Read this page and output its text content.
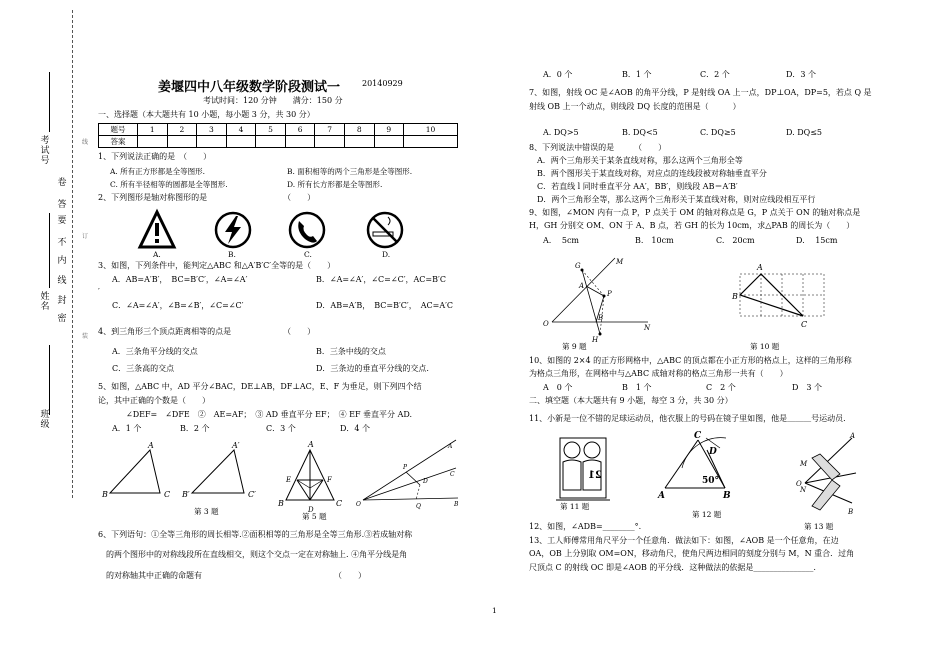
考试号
姓名
班级
卷
答
要
不
内
线
封
密
线
订
装
姜堰四中八年级数学阶段测试一	20140929
考试时间：120 分钟　　满分：150 分
一、选择题（本大题共有 10 小题，每小题 3 分，共 30 分）
题号	1	2	3	4	5	6	7	8	9	10
答案										
1、下列说法正确的是　（　　）
A. 所有正方形都是全等图形.	B. 面积相等的两个三角形是全等图形.
C. 所有半径相等的圆都是全等图形.	D. 所有长方形都是全等图形.
2、下列图形是轴对称图形的是　　　　　　　　　　（　　）
A.	B.	C.	D.
3、如图，下列条件中，能判定△ABC 和△A′B′C′全等的是（　　）
A．AB=A′B′，　BC=B′C′，∠A=∠A′	B．∠A=∠A′，∠C=∠C′，AC=B′C
′
C．∠A=∠A′，∠B=∠B′，∠C=∠C′	D．AB=A′B，　BC=B′C′，　AC=A′C
4、到三角形三个顶点距离相等的点是　　　　　　　（　　）
A．三条角平分线的交点	B．三条中线的交点
C．三条高的交点	D．三条边的垂直平分线的交点.
5、如图，△ABC 中，AD 平分∠BAC，DE⊥AB，DF⊥AC，E、F 为垂足，则下列四个结
论，其中正确的个数是（　　）
∠DEF=　∠DFE　②　AE=AF；　③ AD 垂直平分 EF；　④ EF 垂直平分 AD.
A．1 个	B．2 个	C．3 个	D．4 个
A
B	C
A′
B′	C′
A
E	F
B	C
D
P
D
Q
A
C
B
O
第 3 题
第 5 题
6、下列语句：①全等三角形的周长相等.②面积相等的三角形是全等三角形.③若成轴对称
的两个图形中的对称线段所在直线相交，则这个交点一定在对称轴上. ④角平分线是角
的对称轴其中正确的命题有　　　　　　　　　　　　　　　　　（　　）
A．0 个	B．1 个	C．2 个	D．3 个
7、如图，射线 OC 是∠AOB 的角平分线，P 是射线 OA 上一点，DP⊥OA，DP=5，若点 Q 是
射线 OB 上一个动点，则线段 DQ 长度的范围是（　　　）
A. DQ>5	B. DQ<5	C. DQ≥5	D. DQ≤5
8、下列说法中错误的是　　　（　　）
A．两个三角形关于某条直线对称，那么这两个三角形全等
B．两个图形关于某直线对称，对应点的连线段被对称轴垂直平分
C．若直线 l 同时垂直平分 AA′，BB′，则线段 AB＝A′B′
D．两个三角形全等，那么这两个三角形关于某直线对称，则对应线段相互平行
9、如图，∠MON 内有一点 P，P 点关于 OM 的轴对称点是 G，P 点关于 ON 的轴对称点是
H，GH 分别交 OM、ON 于 A、B 点，若 GH 的长为 10cm，求△PAB 的周长为（　　）
A.　 5cm	B.　10cm	C.　20cm	D.　 15cm
G	M
A
P
B
H
O	N
A
B
C
第 9 题	第 10 题
10、如图的 2×4 的正方形网格中，△ABC 的顶点都在小正方形的格点上，这样的三角形称
为格点三角形，在网格中与△ABC 成轴对称的格点三角形一共有（　　）
A　0 个	B　1 个	C　2 个	D　3 个
二、填空题（本大题共有 9 小题，每空 3 分，共 30 分）
11、小新是一位不错的足球运动员，他衣服上的号码在镜子里如图，他是＿＿＿号运动员．
21
C
D
A	B
50°
A
M
N
O
B
第 11 题
第 12 题
第 13 题
12、如图，∠ADB=________°.
13、工人师傅常用角尺平分一个任意角．做法如下：如图，∠AOB 是一个任意角，在边
OA，OB 上分别取 OM=ON，移动角尺，使角尺两边相同的刻度分别与 M，N 重合．过角
尺顶点 C 的射线 OC 即是∠AOB 的平分线．这种做法的依据是_______________.
1
